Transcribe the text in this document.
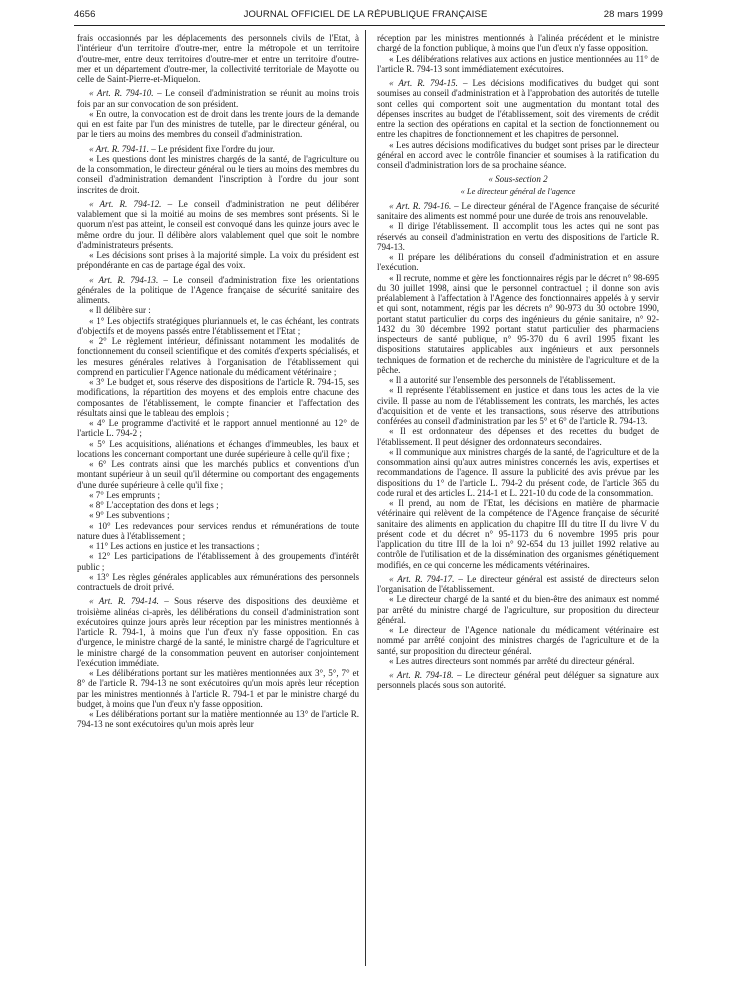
4656	JOURNAL OFFICIEL DE LA RÉPUBLIQUE FRANÇAISE	28 mars 1999

frais occasionnés par les déplacements des personnels civils de l'Etat, à l'intérieur d'un territoire d'outre-mer, entre la métropole et un territoire d'outre-mer, entre deux territoires d'outre-mer et entre un territoire d'outre-mer et un département d'outre-mer, la collectivité territoriale de Mayotte ou celle de Saint-Pierre-et-Miquelon.

« Art. R. 794-10. – Le conseil d'administration se réunit au moins trois fois par an sur convocation de son président.

« En outre, la convocation est de droit dans les trente jours de la demande qui en est faite par l'un des ministres de tutelle, par le directeur général, ou par le tiers au moins des membres du conseil d'administration.

« Art. R. 794-11. – Le président fixe l'ordre du jour.

« Les questions dont les ministres chargés de la santé, de l'agriculture ou de la consommation, le directeur général ou le tiers au moins des membres du conseil d'administration demandent l'inscription à l'ordre du jour sont inscrites de droit.

« Art. R. 794-12. – Le conseil d'administration ne peut délibérer valablement que si la moitié au moins de ses membres sont présents. Si le quorum n'est pas atteint, le conseil est convoqué dans les quinze jours avec le même ordre du jour. Il délibère alors valablement quel que soit le nombre d'administrateurs présents.

« Les décisions sont prises à la majorité simple. La voix du président est prépondérante en cas de partage égal des voix.

« Art. R. 794-13. – Le conseil d'administration fixe les orientations générales de la politique de l'Agence française de sécurité sanitaire des aliments.

« Il délibère sur :

« 1° Les objectifs stratégiques pluriannuels et, le cas échéant, les contrats d'objectifs et de moyens passés entre l'établissement et l'Etat ;

« 2° Le règlement intérieur, définissant notamment les modalités de fonctionnement du conseil scientifique et des comités d'experts spécialisés, et les mesures générales relatives à l'organisation de l'établissement qui comprend en particulier l'Agence nationale du médicament vétérinaire ;

« 3° Le budget et, sous réserve des dispositions de l'article R. 794-15, ses modifications, la répartition des moyens et des emplois entre chacune des composantes de l'établissement, le compte financier et l'affectation des résultats ainsi que le tableau des emplois ;

« 4° Le programme d'activité et le rapport annuel mentionné au 12° de l'article L. 794-2 ;

« 5° Les acquisitions, aliénations et échanges d'immeubles, les baux et locations les concernant comportant une durée supérieure à celle qu'il fixe ;

« 6° Les contrats ainsi que les marchés publics et conventions d'un montant supérieur à un seuil qu'il détermine ou comportant des engagements d'une durée supérieure à celle qu'il fixe ;

« 7° Les emprunts ;

« 8° L'acceptation des dons et legs ;

« 9° Les subventions ;

« 10° Les redevances pour services rendus et rémunérations de toute nature dues à l'établissement ;

« 11° Les actions en justice et les transactions ;

« 12° Les participations de l'établissement à des groupements d'intérêt public ;

« 13° Les règles générales applicables aux rémunérations des personnels contractuels de droit privé.

« Art. R. 794-14. – Sous réserve des dispositions des deuxième et troisième alinéas ci-après, les délibérations du conseil d'administration sont exécutoires quinze jours après leur réception par les ministres mentionnés à l'article R. 794-1, à moins que l'un d'eux n'y fasse opposition. En cas d'urgence, le ministre chargé de la santé, le ministre chargé de l'agriculture et le ministre chargé de la consommation peuvent en autoriser conjointement l'exécution immédiate.

« Les délibérations portant sur les matières mentionnées aux 3°, 5°, 7° et 8° de l'article R. 794-13 ne sont exécutoires qu'un mois après leur réception par les ministres mentionnés à l'article R. 794-1 et par le ministre chargé du budget, à moins que l'un d'eux n'y fasse opposition.

« Les délibérations portant sur la matière mentionnée au 13° de l'article R. 794-13 ne sont exécutoires qu'un mois après leur

réception par les ministres mentionnés à l'alinéa précédent et le ministre chargé de la fonction publique, à moins que l'un d'eux n'y fasse opposition.

« Les délibérations relatives aux actions en justice mentionnées au 11° de l'article R. 794-13 sont immédiatement exécutoires.

« Art. R. 794-15. – Les décisions modificatives du budget qui sont soumises au conseil d'administration et à l'approbation des autorités de tutelle sont celles qui comportent soit une augmentation du montant total des dépenses inscrites au budget de l'établissement, soit des virements de crédit entre la section des opérations en capital et la section de fonctionnement ou entre les chapitres de fonctionnement et les chapitres de personnel.

« Les autres décisions modificatives du budget sont prises par le directeur général en accord avec le contrôle financier et soumises à la ratification du conseil d'administration lors de sa prochaine séance.

« Sous-section 2

« Le directeur général de l'agence

« Art. R. 794-16. – Le directeur général de l'Agence française de sécurité sanitaire des aliments est nommé pour une durée de trois ans renouvelable.

« Il dirige l'établissement. Il accomplit tous les actes qui ne sont pas réservés au conseil d'administration en vertu des dispositions de l'article R. 794-13.

« Il prépare les délibérations du conseil d'administration et en assure l'exécution.

« Il recrute, nomme et gère les fonctionnaires régis par le décret n° 98-695 du 30 juillet 1998, ainsi que le personnel contractuel ; il donne son avis préalablement à l'affectation à l'Agence des fonctionnaires appelés à y servir et qui sont, notamment, régis par les décrets n° 90-973 du 30 octobre 1990, portant statut particulier du corps des ingénieurs du génie sanitaire, n° 92-1432 du 30 décembre 1992 portant statut particulier des pharmaciens inspecteurs de santé publique, n° 95-370 du 6 avril 1995 fixant les dispositions statutaires applicables aux ingénieurs et aux personnels techniques de formation et de recherche du ministère de l'agriculture et de la pêche.

« Il a autorité sur l'ensemble des personnels de l'établissement.

« Il représente l'établissement en justice et dans tous les actes de la vie civile. Il passe au nom de l'établissement les contrats, les marchés, les actes d'acquisition et de vente et les transactions, sous réserve des attributions conférées au conseil d'administration par les 5° et 6° de l'article R. 794-13.

« Il est ordonnateur des dépenses et des recettes du budget de l'établissement. Il peut désigner des ordonnateurs secondaires.

« Il communique aux ministres chargés de la santé, de l'agriculture et de la consommation ainsi qu'aux autres ministres concernés les avis, expertises et recommandations de l'agence. Il assure la publicité des avis prévue par les dispositions du 1° de l'article L. 794-2 du présent code, de l'article 365 du code rural et des articles L. 214-1 et L. 221-10 du code de la consommation.

« Il prend, au nom de l'Etat, les décisions en matière de pharmacie vétérinaire qui relèvent de la compétence de l'Agence française de sécurité sanitaire des aliments en application du chapitre III du titre II du livre V du présent code et du décret n° 95-1173 du 6 novembre 1995 pris pour l'application du titre III de la loi n° 92-654 du 13 juillet 1992 relative au contrôle de l'utilisation et de la dissémination des organismes génétiquement modifiés, en ce qui concerne les médicaments vétérinaires.

« Art. R. 794-17. – Le directeur général est assisté de directeurs selon l'organisation de l'établissement.

« Le directeur chargé de la santé et du bien-être des animaux est nommé par arrêté du ministre chargé de l'agriculture, sur proposition du directeur général.

« Le directeur de l'Agence nationale du médicament vétérinaire est nommé par arrêté conjoint des ministres chargés de l'agriculture et de la santé, sur proposition du directeur général.

« Les autres directeurs sont nommés par arrêté du directeur général.

« Art. R. 794-18. – Le directeur général peut déléguer sa signature aux personnels placés sous son autorité.
